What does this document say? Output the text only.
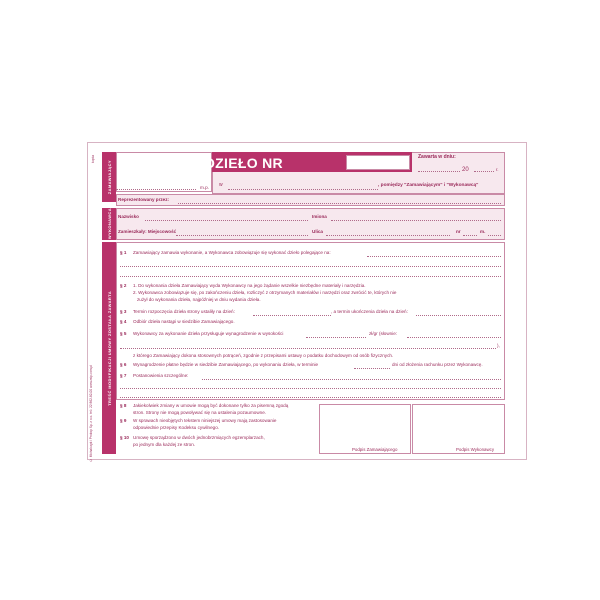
m.p.
kopia
ZAMAWIAJĄCY UMOWA O DZIEŁO NR	Zawarta w dniu:
20	r.
w	, pomiędzy "Zamawiającym" i "Wykonawcą"
Reprezentowany przez:
WYKONAWCA Nazwisko	Imiona
Zamieszkały: Miejscowość	Ulica	nr	m.
TREŚĆ MODYFIKACJI UMOWY ZOSTAŁA ZAWARTA
© Michalczyk i Prokop Sp. z o.o. tel.: 22 862-82-00 www.mip.com.pl
§ 1 Zamawiający zamawia wykonanie, a Wykonawca zobowiązuje się wykonać dzieło polegające na:
§ 2 1. Do wykonania dzieła Zamawiający wyda Wykonawcy na jego żądanie wszelkie niezbędne materiały i narzędzia.
2. Wykonawca zobowiązuje się, po zakończeniu dzieła, rozliczyć z otrzymanych materiałów i narzędzi oraz zwrócić te, których nie
zużył do wykonania dzieła, najpóźniej w dniu wydania dzieła.
§ 3 Termin rozpoczęcia dzieła strony ustaliły na dzień:	, a termin ukończenia dzieła na dzień:
§ 4 Odbiór dzieła nastąpi w siedzibie Zamawiającego.
§ 5 Wykonawcy za wykonanie dzieła przysługuje wynagrodzenie w wysokości	zł/gr (słownie:
),
z którego Zamawiający dokona stosownych potrąceń, zgodnie z przepisami ustawy o podatku dochodowym od osób fizycznych.
§ 6 Wynagrodzenie płatne będzie w siedzibie Zamawiającego, po wykonaniu dzieła, w terminie	dni od złożenia rachunku przez Wykonawcę.
§ 7 Postanowienia szczególne:
§ 8 Jakiekolwiek zmiany w umowie mogą być dokonane tylko za pisemną zgodą
stron. Strony nie mogą powoływać się na ustalenia pozaumowne.
§ 9 W sprawach nieobjętych tekstem niniejszej umowy mają zastosowanie
odpowiednie przepisy Kodeksu cywilnego.
§ 10 Umowę sporządzono w dwóch jednobrzmiących egzemplarzach,
po jednym dla każdej ze stron.
Podpis Zamawiającego	Podpis Wykonawcy
